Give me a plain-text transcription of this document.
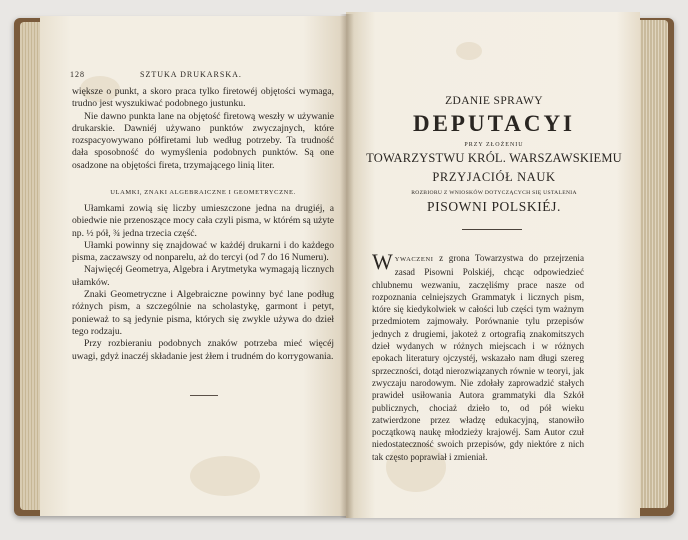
128	SZTUKA DRUKARSKA.

większe o punkt, a skoro praca tylko firetowéj objętości wymaga, trudno jest wyszukiwać podobnego justunku.

Nie dawno punkta lane na objętość firetową weszły w używanie drukarskie. Dawniéj używano punktów zwyczajnych, które rozspacyowywano półfiretami lub według potrzeby. Ta trudność dała sposobność do wymyślenia podobnych punktów. Są one osadzone na objętości fireta, trzymającego linią liter.

ULAMKI, ZNAKI ALGEBRAICZNE I GEOMETRYCZNE.

Ułamkami zowią się liczby umieszczone jedna na drugiéj, a obiedwie nie przenoszące mocy cała czyli pisma, w którém są użyte np. ½ pół, ¾ jedna trzecia część.

Ułamki powinny się znajdować w każdéj drukarni i do każdego pisma, zaczawszy od nonparelu, aż do tercyi (od 7 do 16 Numeru).

Najwięcéj Geometrya, Algebra i Arytmetyka wymagają licznych ułamków.

Znaki Geometryczne i Algebraiczne powinny być lane podług różnych pism, a szczególnie na scholastykę, garmont i petyt, ponieważ to są jedynie pisma, których się zwykle używa do dzieł tego rodzaju.

Przy rozbieraniu podobnych znaków potrzeba mieć więcéj uwagi, gdyż inaczéj składanie jest żłem i trudném do korrygowania.

ZDANIE SPRAWY
DEPUTACYI
PRZY ZŁOŻENIU
TOWARZYSTWU KRÓL. WARSZAWSKIEMU
PRZYJACIÓŁ NAUK
ROZBIORU Z WNIOSKÓW DOTYCZĄCYCH SIĘ USTALENIA
PISOWNI POLSKIÉJ.
WYWACZENI z grona Towarzystwa do przejrzenia zasad Pisowni Polskiéj, chcąc odpowiedzieć chlubnemu wezwaniu, zaczęliśmy prace nasze od rozpoznania celniejszych Grammatyk i licznych pism, które się kiedykolwiek w całości lub części tym ważnym przedmiotem zajmowały. Porównanie tylu przepisów jednych z drugiemi, jakoteż z ortografią znakomitszych dzieł wydanych w różnych miejscach i w różnych epokach literatury ojczystéj, wskazało nam długi szereg sprzeczności, dotąd nierozwiązanych równie w teoryi, jak zwyczaju narodowym. Nie zdołały zaprowadzić stałych prawideł usiłowania Autora grammatyki dla Szkół publicznych, chociaż dzieło to, od pół wieku zatwierdzone przez władzę edukacyjną, stanowiło początkową naukę młodzieży krajowéj. Sam Autor czuł niedostateczność swoich przepisów, gdy niektóre z nich tak często poprawiał i zmieniał.
